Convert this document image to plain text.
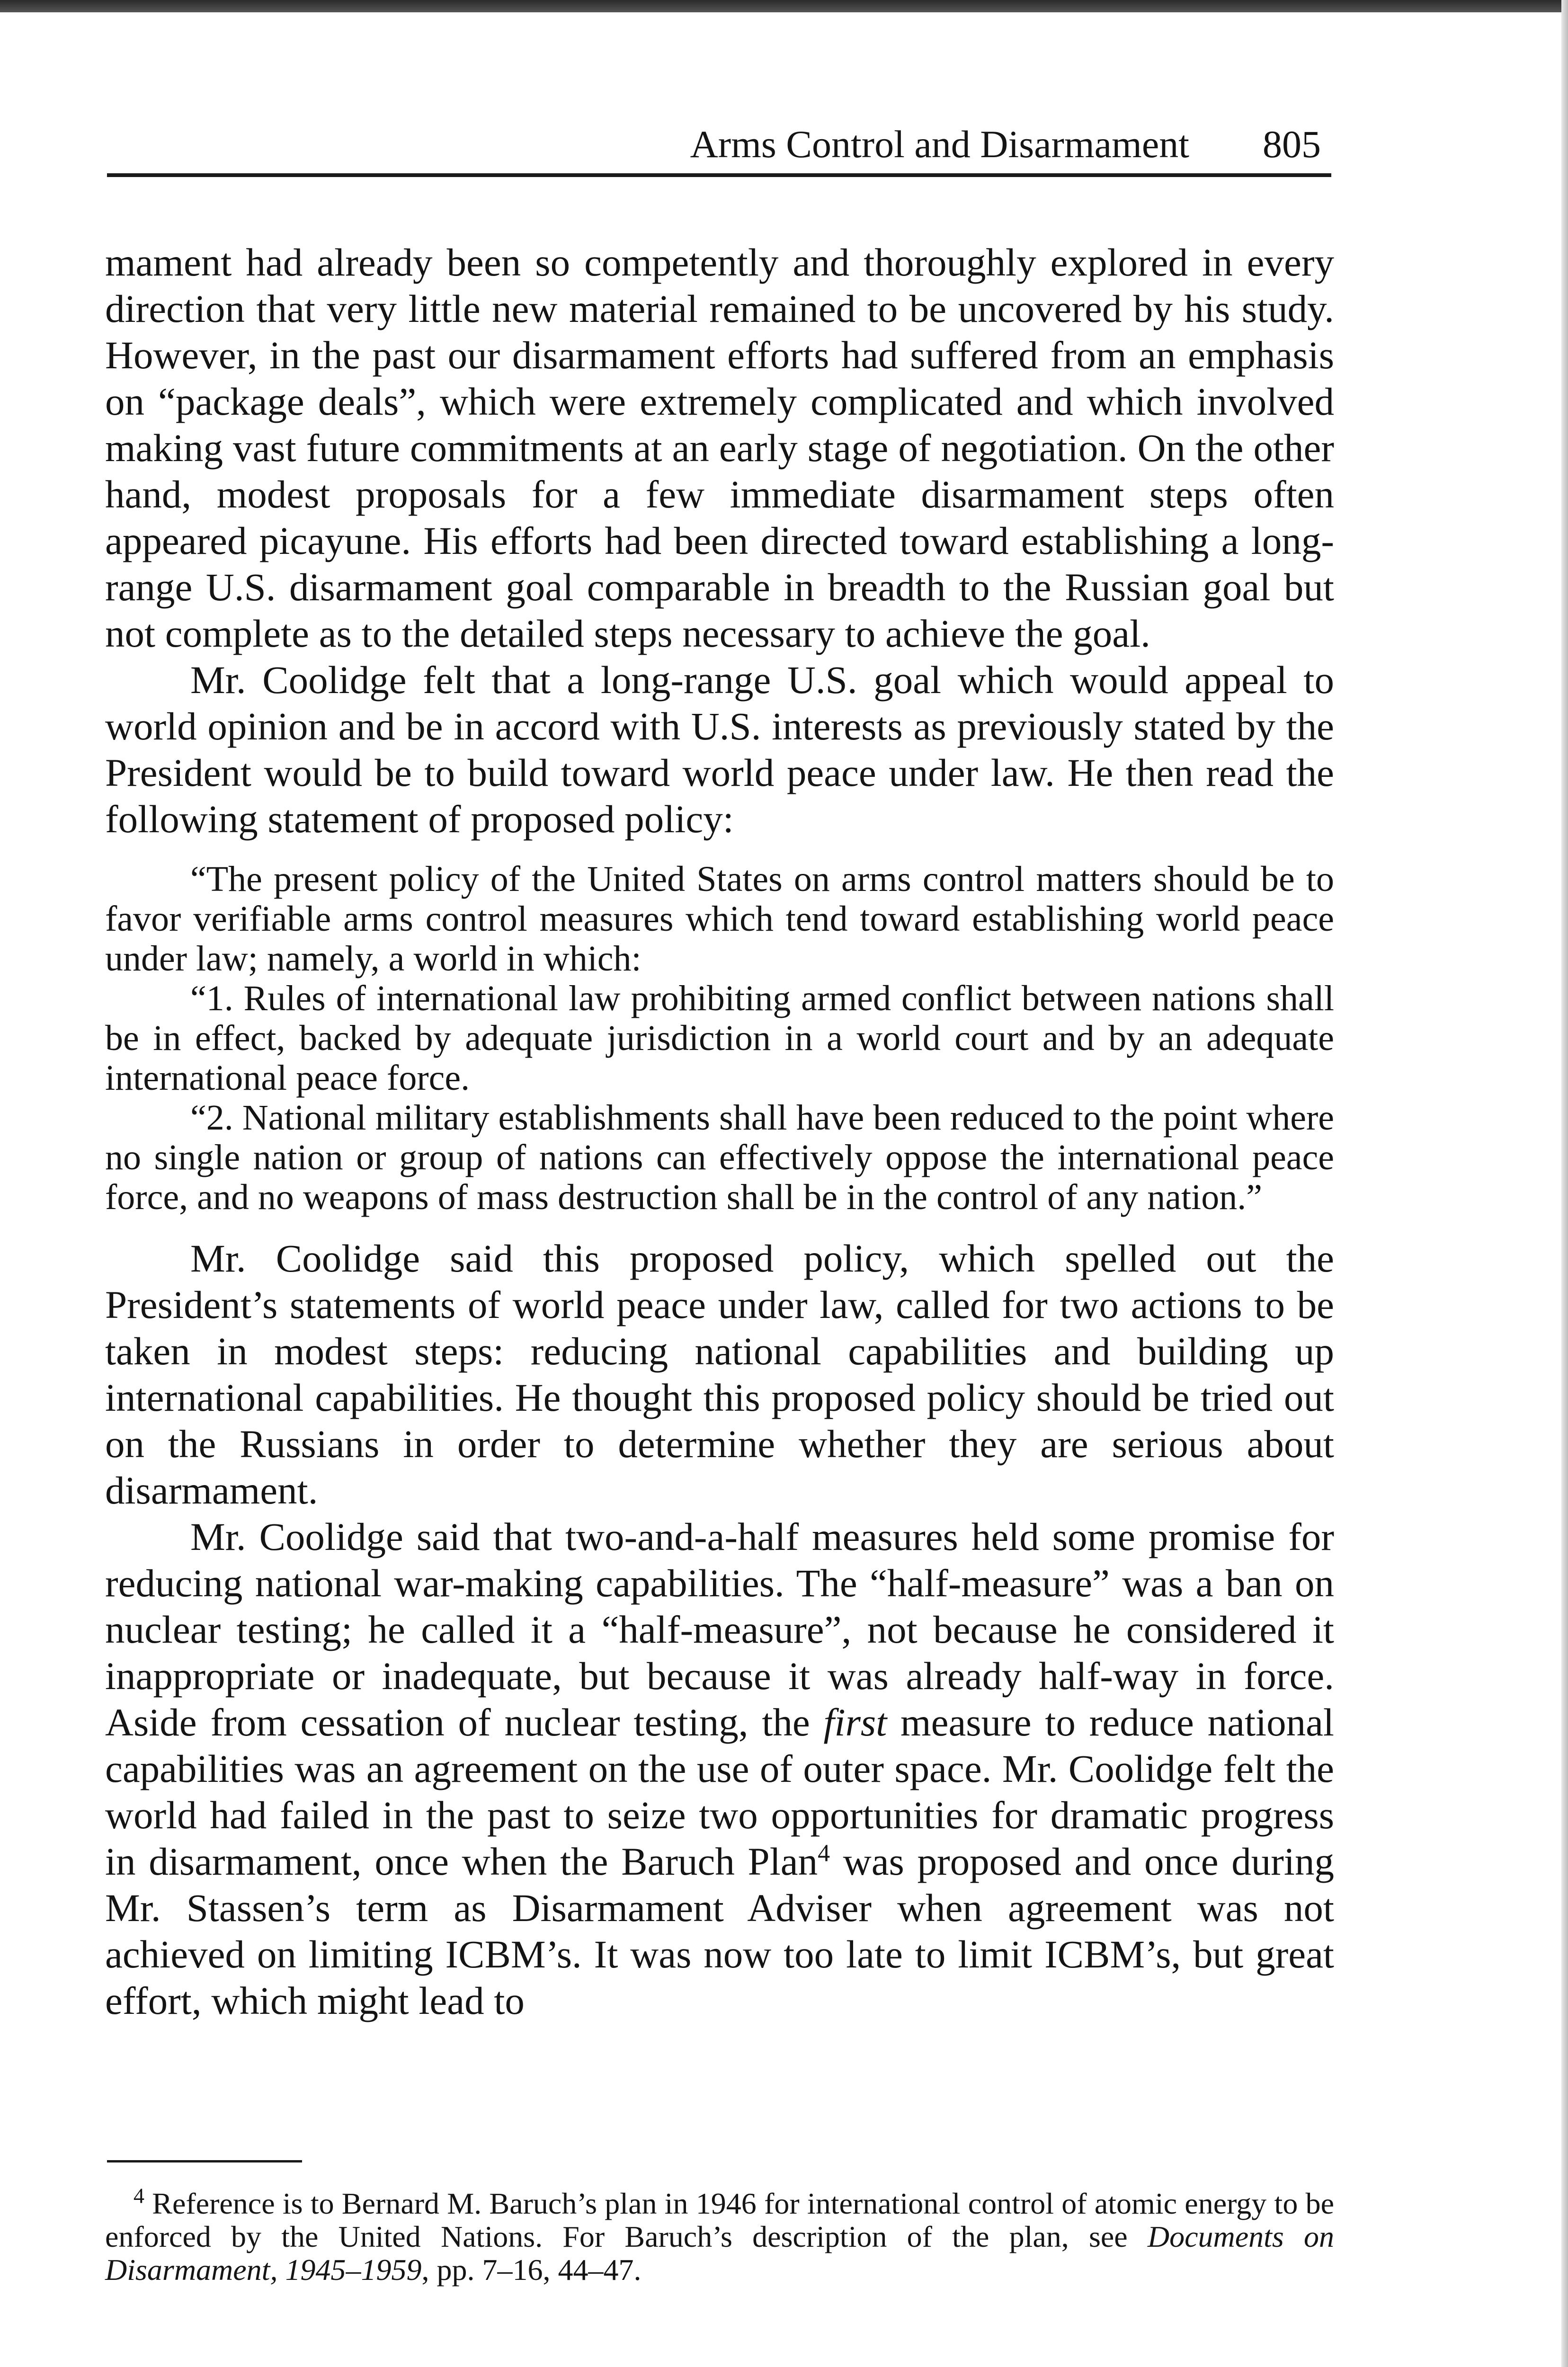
Arms Control and Disarmament 805

mament had already been so competently and thoroughly explored in every direction that very little new material remained to be uncovered by his study. However, in the past our disarmament efforts had suffered from an emphasis on “package deals”, which were extremely complicated and which involved making vast future commitments at an early stage of negotiation. On the other hand, modest proposals for a few immediate disarmament steps often appeared picayune. His efforts had been directed toward establishing a long-range U.S. disarmament goal comparable in breadth to the Russian goal but not complete as to the detailed steps necessary to achieve the goal.

Mr. Coolidge felt that a long-range U.S. goal which would appeal to world opinion and be in accord with U.S. interests as previously stated by the President would be to build toward world peace under law. He then read the following statement of proposed policy:

“The present policy of the United States on arms control matters should be to favor verifiable arms control measures which tend toward establishing world peace under law; namely, a world in which:

“1. Rules of international law prohibiting armed conflict between nations shall be in effect, backed by adequate jurisdiction in a world court and by an adequate international peace force.

“2. National military establishments shall have been reduced to the point where no single nation or group of nations can effectively oppose the international peace force, and no weapons of mass destruction shall be in the control of any nation.”

Mr. Coolidge said this proposed policy, which spelled out the President’s statements of world peace under law, called for two actions to be taken in modest steps: reducing national capabilities and building up international capabilities. He thought this proposed policy should be tried out on the Russians in order to determine whether they are serious about disarmament.

Mr. Coolidge said that two-and-a-half measures held some promise for reducing national war-making capabilities. The “half-measure” was a ban on nuclear testing; he called it a “half-measure”, not because he considered it inappropriate or inadequate, but because it was already half-way in force. Aside from cessation of nuclear testing, the first measure to reduce national capabilities was an agreement on the use of outer space. Mr. Coolidge felt the world had failed in the past to seize two opportunities for dramatic progress in disarmament, once when the Baruch Plan$^4$ was proposed and once during Mr. Stassen’s term as Disarmament Adviser when agreement was not achieved on limiting ICBM’s. It was now too late to limit ICBM’s, but great effort, which might lead to

$^4$ Reference is to Bernard M. Baruch’s plan in 1946 for international control of atomic energy to be enforced by the United Nations. For Baruch’s description of the plan, see Documents on Disarmament, 1945–1959, pp. 7–16, 44–47.
